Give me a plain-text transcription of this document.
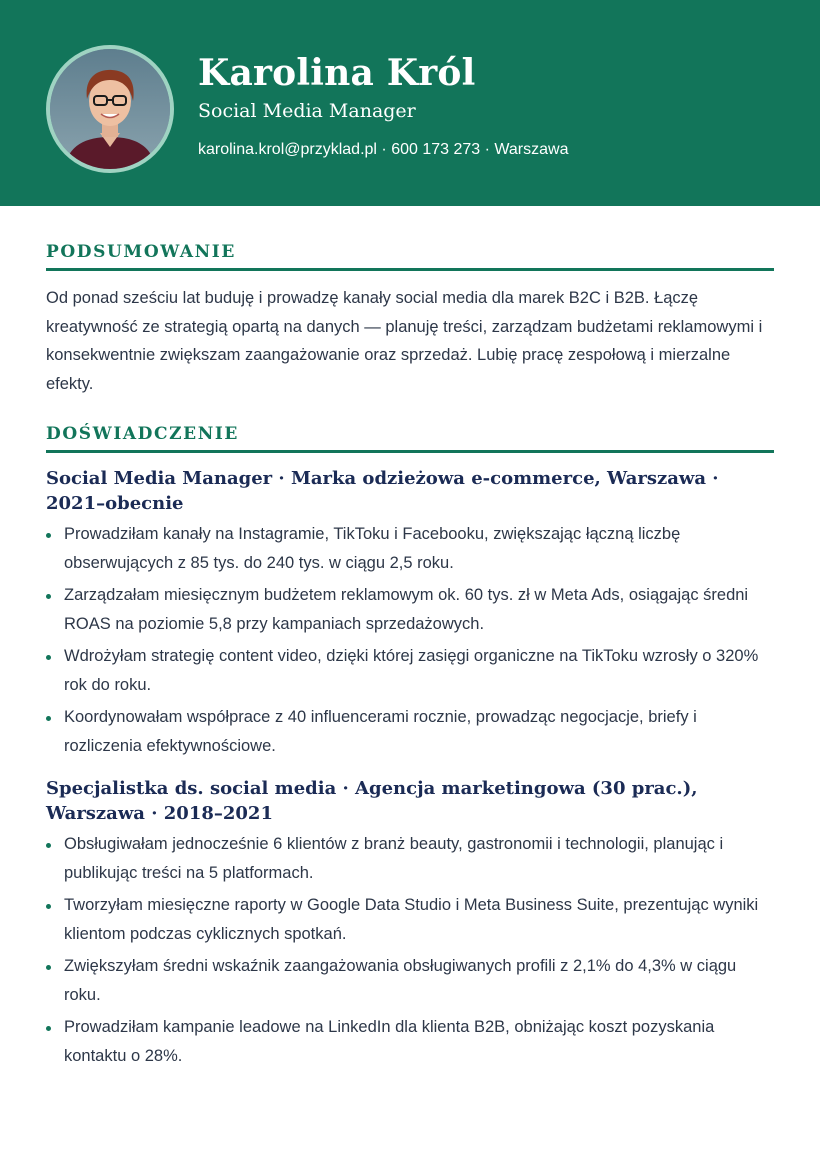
Karolina Król
Social Media Manager
karolina.krol@przyklad.pl · 600 173 273 · Warszawa
PODSUMOWANIE

Od ponad sześciu lat buduję i prowadzę kanały social media dla marek B2C i B2B. Łączę kreatywność ze strategią opartą na danych — planuję treści, zarządzam budżetami reklamowymi i konsekwentnie zwiększam zaangażowanie oraz sprzedaż. Lubię pracę zespołową i mierzalne efekty.

DOŚWIADCZENIE
Social Media Manager · Marka odzieżowa e-commerce, Warszawa · 2021–obecnie
Prowadziłam kanały na Instagramie, TikToku i Facebooku, zwiększając łączną liczbę obserwujących z 85 tys. do 240 tys. w ciągu 2,5 roku.
Zarządzałam miesięcznym budżetem reklamowym ok. 60 tys. zł w Meta Ads, osiągając średni ROAS na poziomie 5,8 przy kampaniach sprzedażowych.
Wdrożyłam strategię content video, dzięki której zasięgi organiczne na TikToku wzrosły o 320% rok do roku.
Koordynowałam współprace z 40 influencerami rocznie, prowadząc negocjacje, briefy i rozliczenia efektywnościowe.
Specjalistka ds. social media · Agencja marketingowa (30 prac.), Warszawa · 2018–2021
Obsługiwałam jednocześnie 6 klientów z branż beauty, gastronomii i technologii, planując i publikując treści na 5 platformach.
Tworzyłam miesięczne raporty w Google Data Studio i Meta Business Suite, prezentując wyniki klientom podczas cyklicznych spotkań.
Zwiększyłam średni wskaźnik zaangażowania obsługiwanych profili z 2,1% do 4,3% w ciągu roku.
Prowadziłam kampanie leadowe na LinkedIn dla klienta B2B, obniżając koszt pozyskania kontaktu o 28%.
